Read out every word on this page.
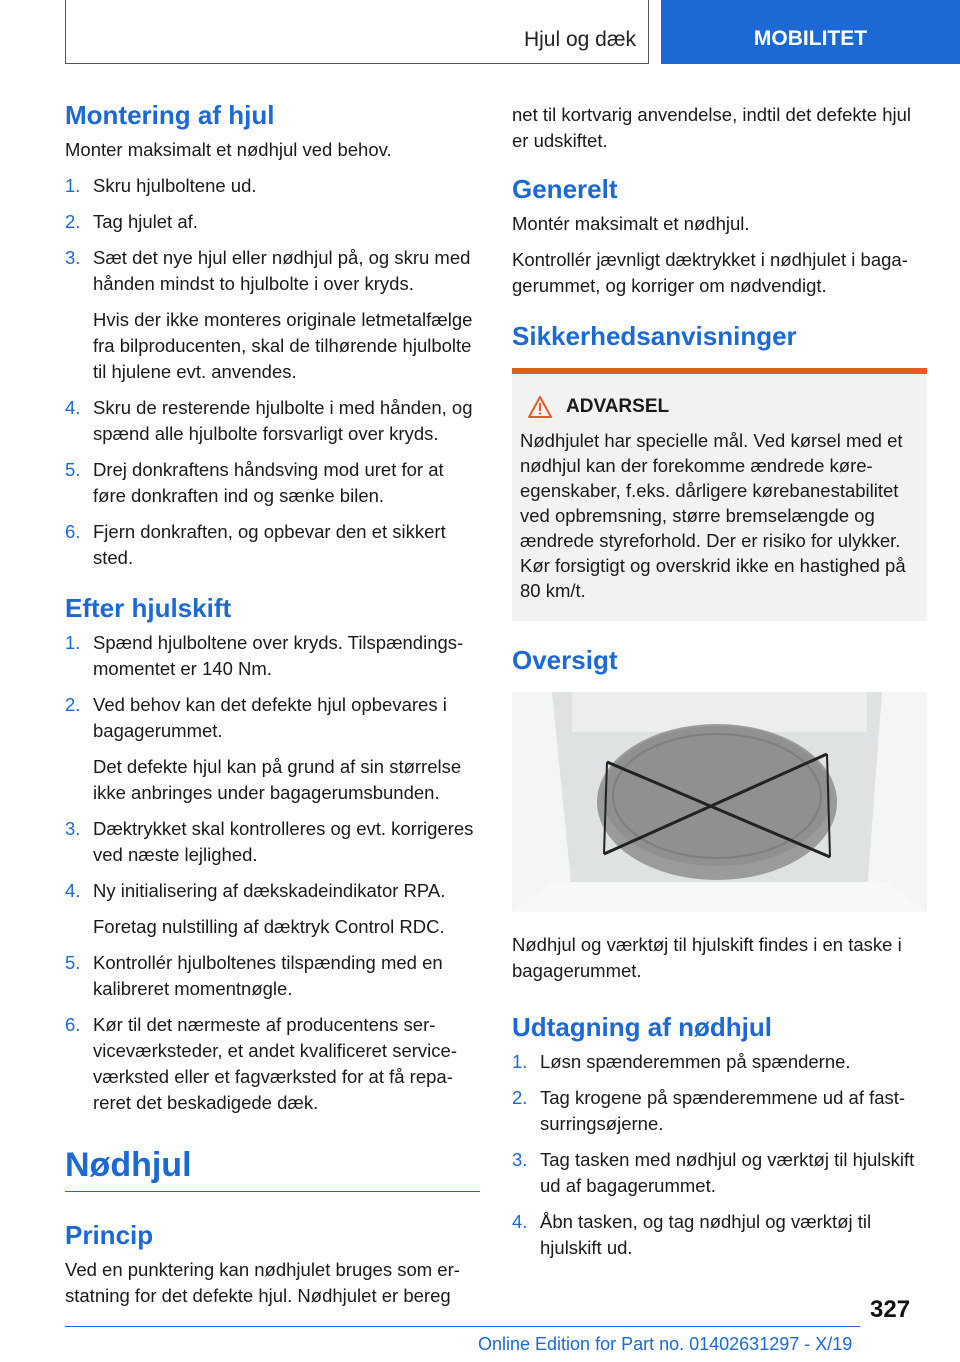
Hjul og dæk	MOBILITET
Montering af hjul

Monter maksimalt et nødhjul ved behov.

1. Skru hjulboltene ud.
2. Tag hjulet af.
3. Sæt det nye hjul eller nødhjul på, og skru med hånden mindst to hjulbolte i over kryds.
Hvis der ikke monteres originale letmetalfælge fra bilproducenten, skal de tilhørende hjulbolte til hjulene evt. anvendes.
4. Skru de resterende hjulbolte i med hånden, og spænd alle hjulbolte forsvarligt over kryds.
5. Drej donkraftens håndsving mod uret for at føre donkraften ind og sænke bilen.
6. Fjern donkraften, og opbevar den et sikkert sted.
Efter hjulskift
1. Spænd hjulboltene over kryds. Tilspændingsmomentet er 140 Nm.
2. Ved behov kan det defekte hjul opbevares i bagagerummet.
Det defekte hjul kan på grund af sin størrelse ikke anbringes under bagagerumsbunden.
3. Dæktrykket skal kontrolleres og evt. korrigeres ved næste lejlighed.
4. Ny initialisering af dækskadeindikator RPA.
Foretag nulstilling af dæktryk Control RDC.
5. Kontrollér hjulboltenes tilspænding med en kalibreret momentnøgle.
6. Kør til det nærmeste af producentens serviceværksteder, et andet kvalificeret serviceværksted eller et fagværksted for at få repareret det beskadigede dæk.
Nødhjul
Princip

Ved en punktering kan nødhjulet bruges som erstatning for det defekte hjul. Nødhjulet er bereg

net til kortvarig anvendelse, indtil det defekte hjul er udskiftet.

Generelt

Montér maksimalt et nødhjul.

Kontrollér jævnligt dæktrykket i nødhjulet i bagagerummet, og korriger om nødvendigt.

Sikkerhedsanvisninger
ADVARSEL

Nødhjulet har specielle mål. Ved kørsel med et nødhjul kan der forekomme ændrede køreegenskaber, f.eks. dårligere kørebanestabilitet ved opbremsning, større bremselængde og ændrede styreforhold. Der er risiko for ulykker. Kør forsigtigt og overskrid ikke en hastighed på 80 km/t.

Oversigt

Nødhjul og værktøj til hjulskift findes i en taske i bagagerummet.

Udtagning af nødhjul
1. Løsn spænderemmen på spænderne.
2. Tag krogene på spænderemmene ud af fastsurringsøjerne.
3. Tag tasken med nødhjul og værktøj til hjulskift ud af bagagerummet.
4. Åbn tasken, og tag nødhjul og værktøj til hjulskift ud.
327
Online Edition for Part no. 01402631297 - X/19
